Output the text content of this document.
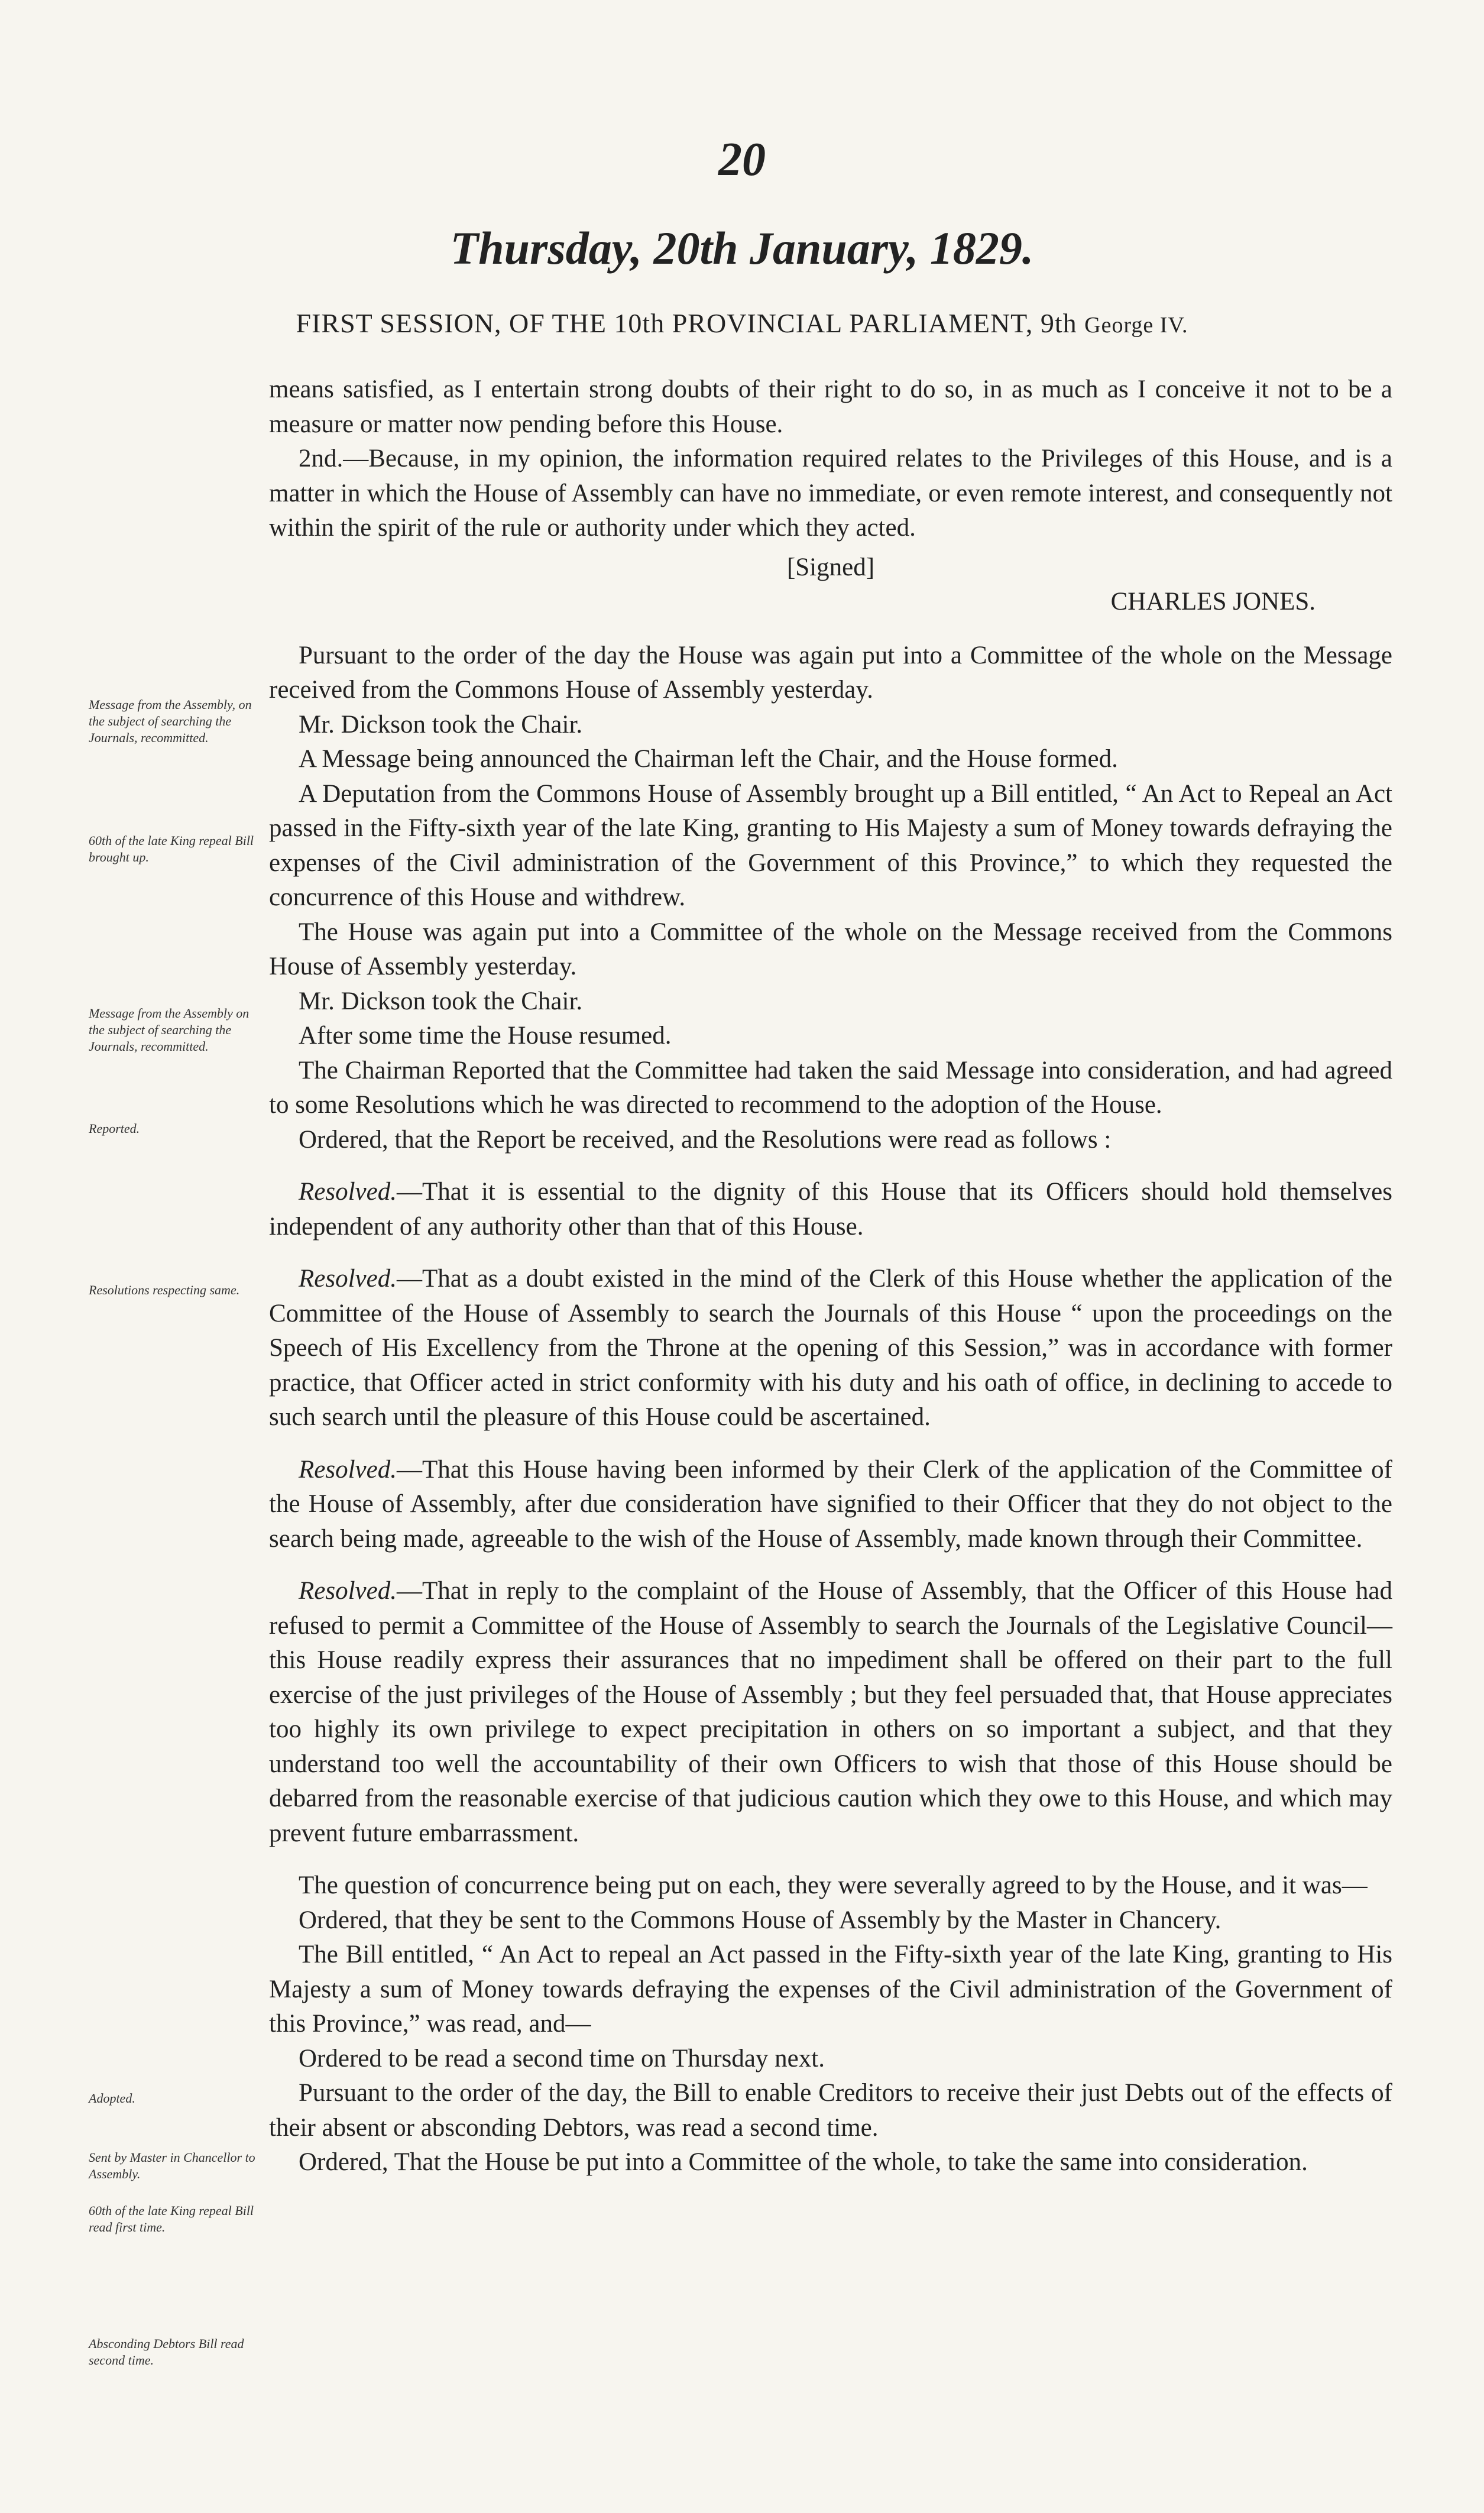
20
Thursday, 20th January, 1829.
FIRST SESSION, OF THE 10th PROVINCIAL PARLIAMENT, 9th George IV.
Message from the Assembly, on the subject of searching the Journals, recommitted.
60th of the late King repeal Bill brought up.
Message from the Assembly on the subject of searching the Journals, recommitted.
Reported.
Resolutions respecting same.
Adopted.
Sent by Master in Chancellor to Assembly.
60th of the late King repeal Bill read first time.
Absconding Debtors Bill read second time.

means satisfied, as I entertain strong doubts of their right to do so, in as much as I conceive it not to be a measure or matter now pending before this House.

2nd.—Because, in my opinion, the information required relates to the Privileges of this House, and is a matter in which the House of Assembly can have no immediate, or even remote interest, and consequently not within the spirit of the rule or authority under which they acted.

[Signed]

CHARLES JONES.

Pursuant to the order of the day the House was again put into a Committee of the whole on the Message received from the Commons House of Assembly yesterday.

Mr. Dickson took the Chair.

A Message being announced the Chairman left the Chair, and the House formed.

A Deputation from the Commons House of Assembly brought up a Bill entitled, “ An Act to Repeal an Act passed in the Fifty-sixth year of the late King, granting to His Majesty a sum of Money towards defraying the expenses of the Civil administration of the Government of this Province,” to which they requested the concurrence of this House and withdrew.

The House was again put into a Committee of the whole on the Message received from the Commons House of Assembly yesterday.

Mr. Dickson took the Chair.

After some time the House resumed.

The Chairman Reported that the Committee had taken the said Message into consideration, and had agreed to some Resolutions which he was directed to recommend to the adoption of the House.

Ordered, that the Report be received, and the Resolutions were read as follows :

Resolved.—That it is essential to the dignity of this House that its Officers should hold themselves independent of any authority other than that of this House.

Resolved.—That as a doubt existed in the mind of the Clerk of this House whether the application of the Committee of the House of Assembly to search the Journals of this House “ upon the proceedings on the Speech of His Excellency from the Throne at the opening of this Session,” was in accordance with former practice, that Officer acted in strict conformity with his duty and his oath of office, in declining to accede to such search until the pleasure of this House could be ascertained.

Resolved.—That this House having been informed by their Clerk of the application of the Committee of the House of Assembly, after due consideration have signified to their Officer that they do not object to the search being made, agreeable to the wish of the House of Assembly, made known through their Committee.

Resolved.—That in reply to the complaint of the House of Assembly, that the Officer of this House had refused to permit a Committee of the House of Assembly to search the Journals of the Legislative Council—this House readily express their assurances that no impediment shall be offered on their part to the full exercise of the just privileges of the House of Assembly ; but they feel persuaded that, that House appreciates too highly its own privilege to expect precipitation in others on so important a subject, and that they understand too well the accountability of their own Officers to wish that those of this House should be debarred from the reasonable exercise of that judicious caution which they owe to this House, and which may prevent future embarrassment.

The question of concurrence being put on each, they were severally agreed to by the House, and it was—

Ordered, that they be sent to the Commons House of Assembly by the Master in Chancery.

The Bill entitled, “ An Act to repeal an Act passed in the Fifty-sixth year of the late King, granting to His Majesty a sum of Money towards defraying the expenses of the Civil administration of the Government of this Province,” was read, and—

Ordered to be read a second time on Thursday next.

Pursuant to the order of the day, the Bill to enable Creditors to receive their just Debts out of the effects of their absent or absconding Debtors, was read a second time.

Ordered, That the House be put into a Committee of the whole, to take the same into consideration.
